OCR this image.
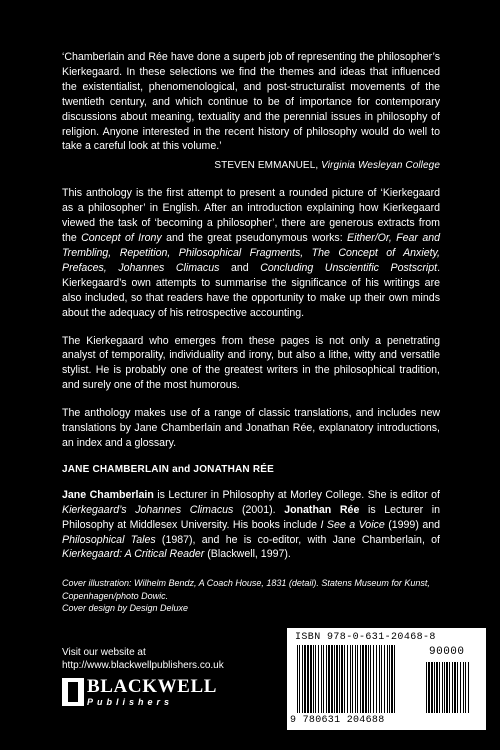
‘Chamberlain and Rée have done a superb job of representing the philosopher’s Kierkegaard. In these selections we find the themes and ideas that influenced the existentialist, phenomenological, and post-structuralist movements of the twentieth century, and which continue to be of importance for contemporary discussions about meaning, textuality and the perennial issues in philosophy of religion. Anyone interested in the recent history of philosophy would do well to take a careful look at this volume.’

STEVEN EMMANUEL, Virginia Wesleyan College

This anthology is the first attempt to present a rounded picture of ‘Kierkegaard as a philosopher’ in English. After an introduction explaining how Kierkegaard viewed the task of ‘becoming a philosopher’, there are generous extracts from the Concept of Irony and the great pseudonymous works: Either/Or, Fear and Trembling, Repetition, Philosophical Fragments, The Concept of Anxiety, Prefaces, Johannes Climacus and Concluding Unscientific Postscript. Kierkegaard’s own attempts to summarise the significance of his writings are also included, so that readers have the opportunity to make up their own minds about the adequacy of his retrospective accounting.

The Kierkegaard who emerges from these pages is not only a penetrating analyst of temporality, individuality and irony, but also a lithe, witty and versatile stylist. He is probably one of the greatest writers in the philosophical tradition, and surely one of the most humorous.

The anthology makes use of a range of classic translations, and includes new translations by Jane Chamberlain and Jonathan Rée, explanatory introductions, an index and a glossary.

JANE CHAMBERLAIN and JONATHAN RÉE

Jane Chamberlain is Lecturer in Philosophy at Morley College. She is editor of Kierkegaard’s Johannes Climacus (2001). Jonathan Rée is Lecturer in Philosophy at Middlesex University. His books include I See a Voice (1999) and Philosophical Tales (1987), and he is co-editor, with Jane Chamberlain, of Kierkegaard: A Critical Reader (Blackwell, 1997).

Cover illustration: Wilhelm Bendz, A Coach House, 1831 (detail). Statens Museum for Kunst, Copenhagen/photo Dowic.

Cover design by Design Deluxe

Visit our website at

http://www.blackwellpublishers.co.uk

BLACKWELL
Publishers
ISBN 978-0-631-20468-8
90000
9 780631 204688
